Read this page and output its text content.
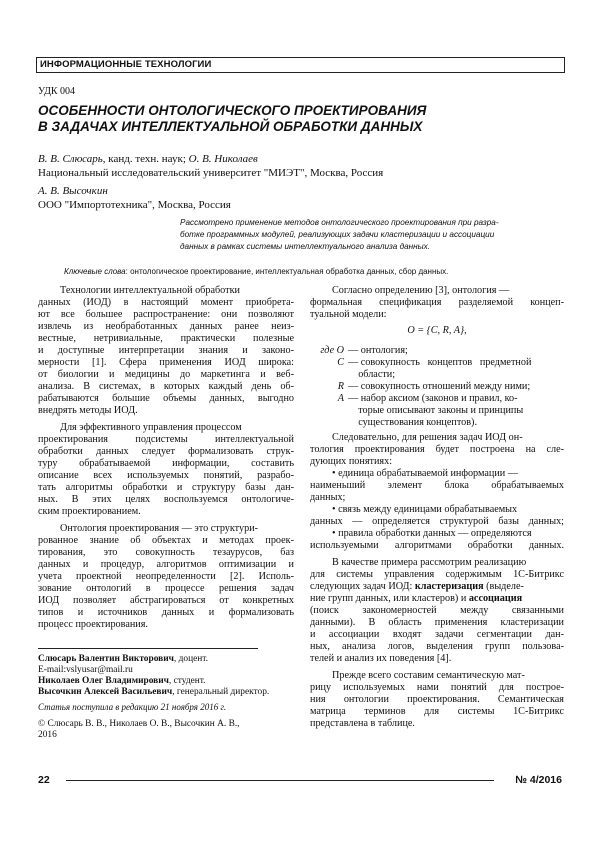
ИНФОРМАЦИОННЫЕ ТЕХНОЛОГИИ
УДК 004
ОСОБЕННОСТИ ОНТОЛОГИЧЕСКОГО ПРОЕКТИРОВАНИЯ
В ЗАДАЧАХ ИНТЕЛЛЕКТУАЛЬНОЙ ОБРАБОТКИ ДАННЫХ
В. В. Слюсарь, канд. техн. наук; О. В. Николаев
Национальный исследовательский университет "МИЭТ", Москва, Россия
А. В. Высочкин
ООО "Импортотехника", Москва, Россия
Рассмотрено применение методов онтологического проектирования при разра-
ботке программных модулей, реализующих задачи кластеризации и ассоциации
данных в рамках системы интеллектуального анализа данных.
Ключевые слова: онтологическое проектирование, интеллектуальная обработка данных, сбор данных.
Технологии интеллектуальной обработки
данных (ИОД) в настоящий момент приобрета-
ют все большее распространение: они позволяют
извлечь из необработанных данных ранее неиз-
вестные, нетривиальные, практически полезные
и доступные интерпретации знания и законо-
мерности [1]. Сфера применения ИОД широка:
от биологии и медицины до маркетинга и веб-
анализа. В системах, в которых каждый день об-
рабатываются большие объемы данных, выгодно
внедрять методы ИОД.
Для эффективного управления процессом
проектирования подсистемы интеллектуальной
обработки данных следует формализовать струк-
туру обрабатываемой информации, составить
описание всех используемых понятий, разрабо-
тать алгоритмы обработки и структуру базы дан-
ных. В этих целях воспользуемся онтологиче-
ским проектированием.
Онтология проектирования — это структури-
рованное знание об объектах и методах проек-
тирования, это совокупность тезаурусов, баз
данных и процедур, алгоритмов оптимизации и
учета проектной неопределенности [2]. Исполь-
зование онтологий в процессе решения задач
ИОД позволяет абстрагироваться от конкретных
типов и источников данных и формализовать
процесс проектирования.
Согласно определению [3], онтология —
формальная спецификация разделяемой концеп-
туальной модели:
O = {C, R, A},
где O — онтология;
C — совокупность   концептов   предметной
области;
R — совокупность отношений между ними;
A — набор аксиом (законов и правил, ко-
торые описывают законы и принципы
существования концептов).
Следовательно, для решения задач ИОД он-
тология проектирования будет построена на сле-
дующих понятиях:
• единица обрабатываемой информации —
наименьший элемент блока обрабатываемых
данных;
• связь между единицами обрабатываемых
данных — определяется структурой базы данных;
• правила обработки данных — определяются
используемыми алгоритмами обработки данных.
В качестве примера рассмотрим реализацию
для системы управления содержимым 1С-Битрикс
следующих задач ИОД: кластеризация (выделе-
ние групп данных, или кластеров) и ассоциация
(поиск закономерностей между связанными
данными). В область применения кластеризации
и ассоциации входят задачи сегментации дан-
ных, анализа логов, выделения групп пользова-
телей и анализ их поведения [4].
Прежде всего составим семантическую мат-
рицу используемых нами понятий для построе-
ния онтологии проектирования. Семантическая
матрица терминов для системы 1С-Битрикс
представлена в таблице.
Слюсарь Валентин Викторович, доцент.
E-mail:vslyusar@mail.ru
Николаев Олег Владимирович, студент.
Высочкин Алексей Васильевич, генеральный директор.
Статья поступила в редакцию 21 ноября 2016 г.
© Слюсарь В. В., Николаев О. В., Высочкин А. В.,
2016
22	№ 4/2016
